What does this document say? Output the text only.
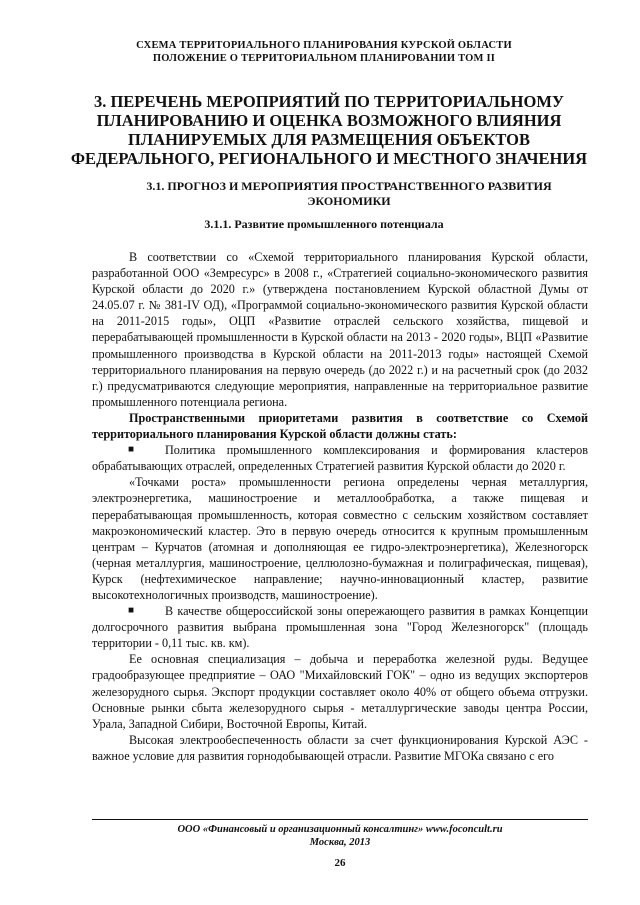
СХЕМА ТЕРРИТОРИАЛЬНОГО ПЛАНИРОВАНИЯ КУРСКОЙ ОБЛАСТИ
ПОЛОЖЕНИЕ О ТЕРРИТОРИАЛЬНОМ ПЛАНИРОВАНИИ ТОМ II
3. ПЕРЕЧЕНЬ МЕРОПРИЯТИЙ ПО ТЕРРИТОРИАЛЬНОМУ
ПЛАНИРОВАНИЮ И ОЦЕНКА ВОЗМОЖНОГО ВЛИЯНИЯ
ПЛАНИРУЕМЫХ ДЛЯ РАЗМЕЩЕНИЯ ОБЪЕКТОВ
ФЕДЕРАЛЬНОГО, РЕГИОНАЛЬНОГО И МЕСТНОГО ЗНАЧЕНИЯ
3.1. ПРОГНОЗ И МЕРОПРИЯТИЯ ПРОСТРАНСТВЕННОГО РАЗВИТИЯ
ЭКОНОМИКИ
3.1.1. Развитие промышленного потенциала

В соответствии со «Схемой территориального планирования Курской области, разработанной ООО «Земресурс» в 2008 г., «Стратегией социально-экономического развития Курской области до 2020 г.» (утверждена постановлением Курской областной Думы от 24.05.07 г. № 381-IV ОД), «Программой социально-экономического развития Курской области на 2011-2015 годы», ОЦП «Развитие отраслей сельского хозяйства, пищевой и перерабатывающей промышленности в Курской области на 2013 - 2020 годы», ВЦП «Развитие промышленного производства в Курской области на 2011-2013 годы» настоящей Схемой территориального планирования на первую очередь (до 2022 г.) и на расчетный срок (до 2032 г.) предусматриваются следующие мероприятия, направленные на территориальное развитие промышленного потенциала региона.

Пространственными приоритетами развития в соответствие со Схемой территориального планирования Курской области должны стать:

■	Политика промышленного комплексирования и формирования кластеров обрабатывающих отраслей, определенных Стратегией развития Курской области до 2020 г.

«Точками роста» промышленности региона определены черная металлургия, электроэнергетика, машиностроение и металлообработка, а также пищевая и перерабатывающая промышленность, которая совместно с сельским хозяйством составляет макроэкономический кластер. Это в первую очередь относится к крупным промышленным центрам – Курчатов (атомная и дополняющая ее гидро-электроэнергетика), Железногорск (черная металлургия, машиностроение, целлюлозно-бумажная и полиграфическая, пищевая), Курск (нефтехимическое направление; научно-инновационный кластер, развитие высокотехнологичных производств, машиностроение).

■	В качестве общероссийской зоны опережающего развития в рамках Концепции долгосрочного развития выбрана промышленная зона "Город Железногорск" (площадь территории - 0,11 тыс. кв. км).

Ее основная специализация – добыча и переработка железной руды. Ведущее градообразующее предприятие – ОАО "Михайловский ГОК" – одно из ведущих экспортеров железорудного сырья. Экспорт продукции составляет около 40% от общего объема отгрузки. Основные рынки сбыта железорудного сырья - металлургические заводы центра России, Урала, Западной Сибири, Восточной Европы, Китай.

Высокая электрообеспеченность области за счет функционирования Курской АЭС - важное условие для развития горнодобывающей отрасли. Развитие МГОКа связано с его

ООО «Финансовый и организационный консалтинг» www.foconcult.ru
Москва, 2013
26
